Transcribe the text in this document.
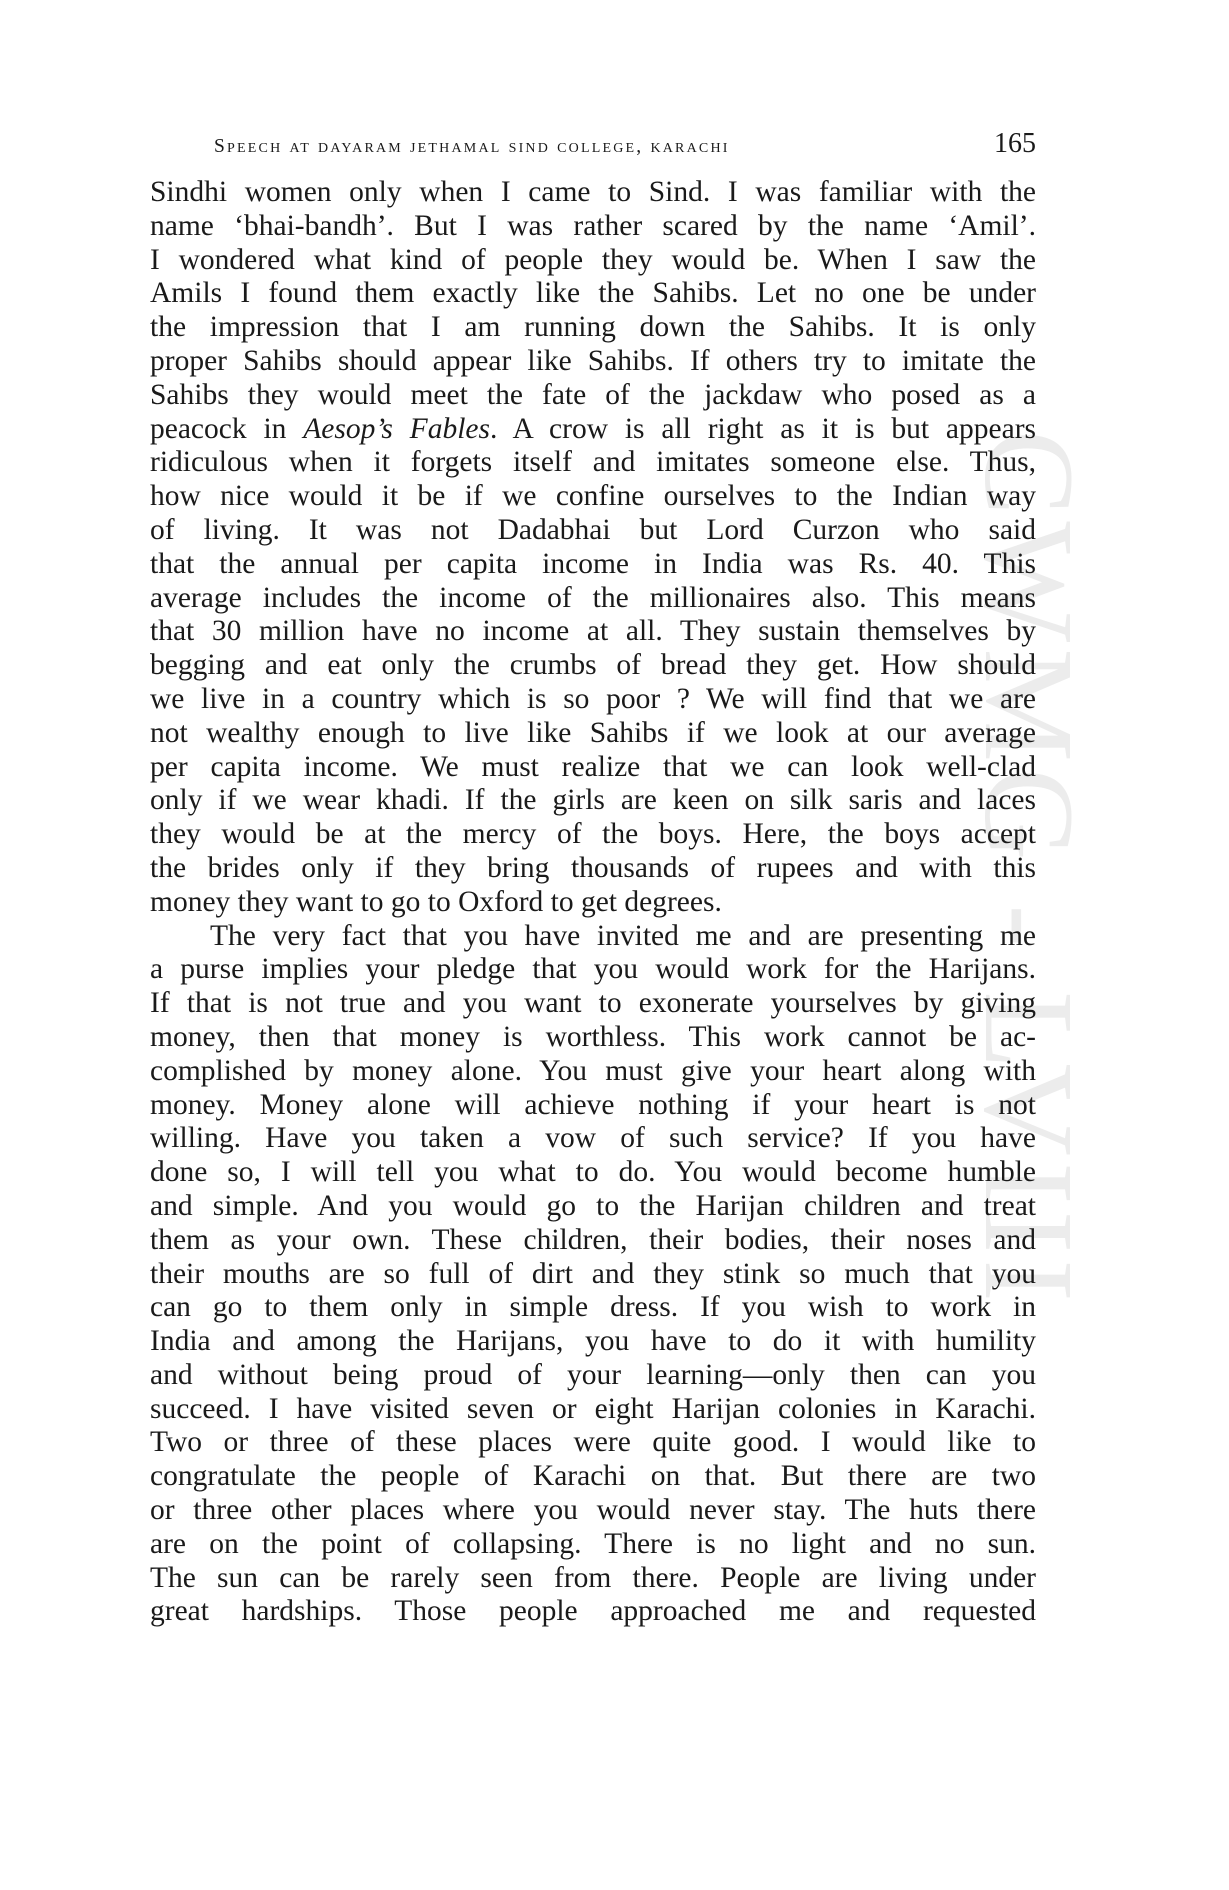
CWMG - LVIII
Speech at dayaram jethamal sind college, karachi	165
Sindhi women only when I came to Sind. I was familiar with the
name ‘bhai-bandh’. But I was rather scared by the name ‘Amil’.
I wondered what kind of people they would be. When I saw the
Amils I found them exactly like the Sahibs. Let no one be under
the impression that I am running down the Sahibs. It is only
proper Sahibs should appear like Sahibs. If others try to imitate the
Sahibs they would meet the fate of the jackdaw who posed as a
peacock in Aesop’s Fables. A crow is all right as it is but appears
ridiculous when it forgets itself and imitates someone else. Thus,
how nice would it be if we confine ourselves to the Indian way
of living. It was not Dadabhai but Lord Curzon who said
that the annual per capita income in India was Rs. 40. This
average includes the income of the millionaires also. This means
that 30 million have no income at all. They sustain themselves by
begging and eat only the crumbs of bread they get. How should
we live in a country which is so poor ? We will find that we are
not wealthy enough to live like Sahibs if we look at our average
per capita income. We must realize that we can look well-clad
only if we wear khadi. If the girls are keen on silk saris and laces
they would be at the mercy of the boys. Here, the boys accept
the brides only if they bring thousands of rupees and with this
money they want to go to Oxford to get degrees.
The very fact that you have invited me and are presenting me
a purse implies your pledge that you would work for the Harijans.
If that is not true and you want to exonerate yourselves by giving
money, then that money is worthless. This work cannot be ac-
complished by money alone. You must give your heart along with
money. Money alone will achieve nothing if your heart is not
willing. Have you taken a vow of such service? If you have
done so, I will tell you what to do. You would become humble
and simple. And you would go to the Harijan children and treat
them as your own. These children, their bodies, their noses and
their mouths are so full of dirt and they stink so much that you
can go to them only in simple dress. If you wish to work in
India and among the Harijans, you have to do it with humility
and without being proud of your learning—only then can you
succeed. I have visited seven or eight Harijan colonies in Karachi.
Two or three of these places were quite good. I would like to
congratulate the people of Karachi on that. But there are two
or three other places where you would never stay. The huts there
are on the point of collapsing. There is no light and no sun.
The sun can be rarely seen from there. People are living under
great hardships. Those people approached me and requested
